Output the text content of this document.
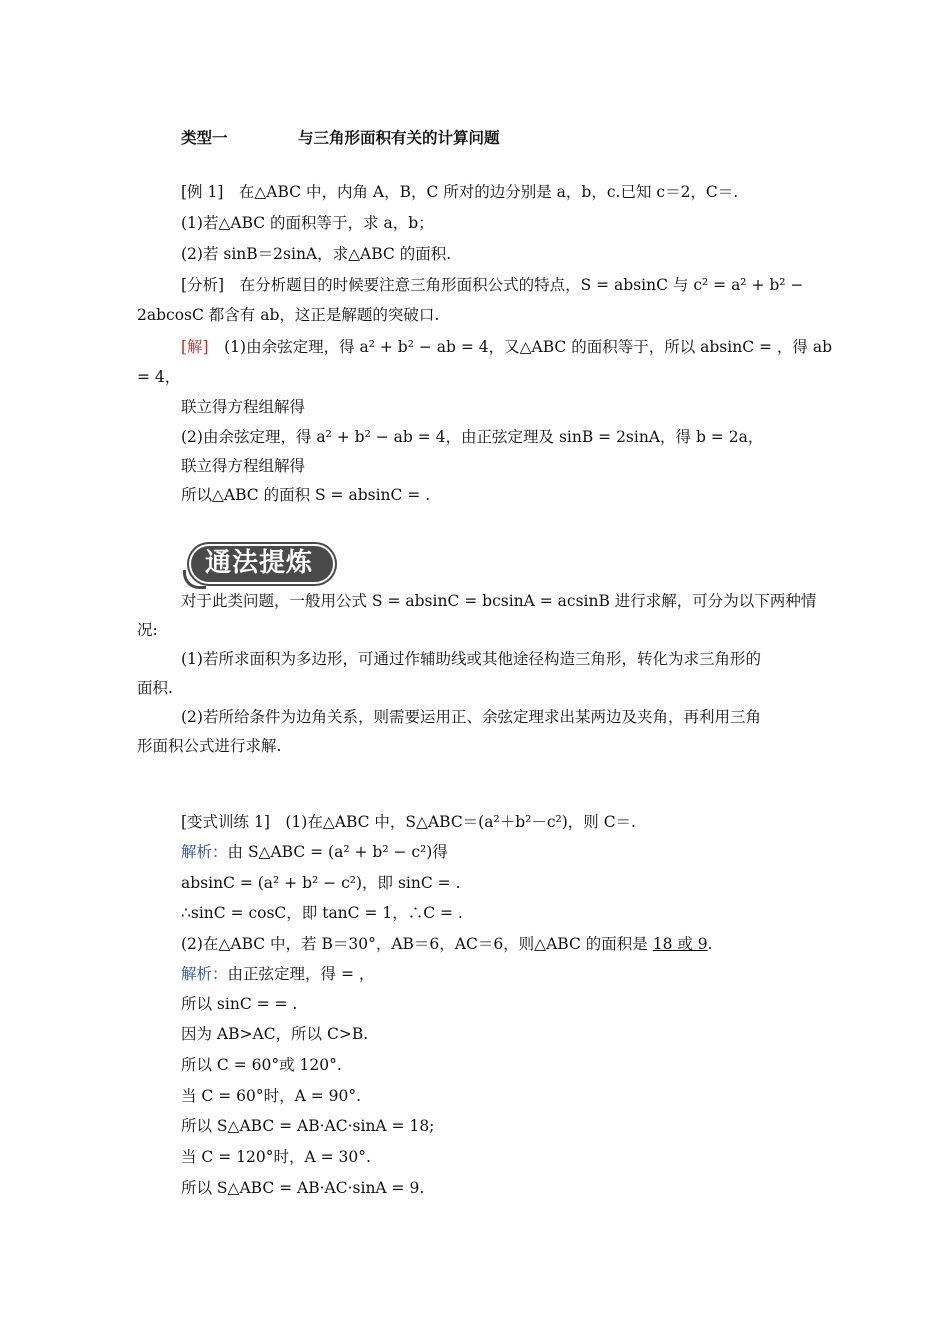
类型一	与三角形面积有关的计算问题
[例 1]　在△ABC 中，内角 A，B，C 所对的边分别是 a，b，c.已知 c＝2，C＝.
(1)若△ABC 的面积等于，求 a，b；
(2)若 sinB＝2sinA，求△ABC 的面积.
[分析]　在分析题目的时候要注意三角形面积公式的特点，S = absinC 与 c² = a² + b² −
2abcosC 都含有 ab，这正是解题的突破口.
[解]　(1)由余弦定理，得 a² + b² − ab = 4，又△ABC 的面积等于，所以 absinC = ，得 ab
= 4，
联立得方程组解得
(2)由余弦定理，得 a² + b² − ab = 4，由正弦定理及 sinB = 2sinA，得 b = 2a，
联立得方程组解得
所以△ABC 的面积 S = absinC = .
通法提炼
对于此类问题，一般用公式 S = absinC = bcsinA = acsinB 进行求解，可分为以下两种情
况:
(1)若所求面积为多边形，可通过作辅助线或其他途径构造三角形，转化为求三角形的
面积.
(2)若所给条件为边角关系，则需要运用正、余弦定理求出某两边及夹角，再利用三角
形面积公式进行求解.
[变式训练 1]　(1)在△ABC 中，S△ABC＝(a²＋b²－c²)，则 C＝.
解析：由 S△ABC = (a² + b² − c²)得
absinC = (a² + b² − c²)，即 sinC = .
∴sinC = cosC，即 tanC = 1，∴C = .
(2)在△ABC 中，若 B＝30°，AB＝6，AC＝6，则△ABC 的面积是 18 或 9.
解析：由正弦定理，得 = ，
所以 sinC = = .
因为 AB>AC，所以 C>B.
所以 C = 60°或 120°.
当 C = 60°时，A = 90°.
所以 S△ABC = AB·AC·sinA = 18;
当 C = 120°时，A = 30°.
所以 S△ABC = AB·AC·sinA = 9.
